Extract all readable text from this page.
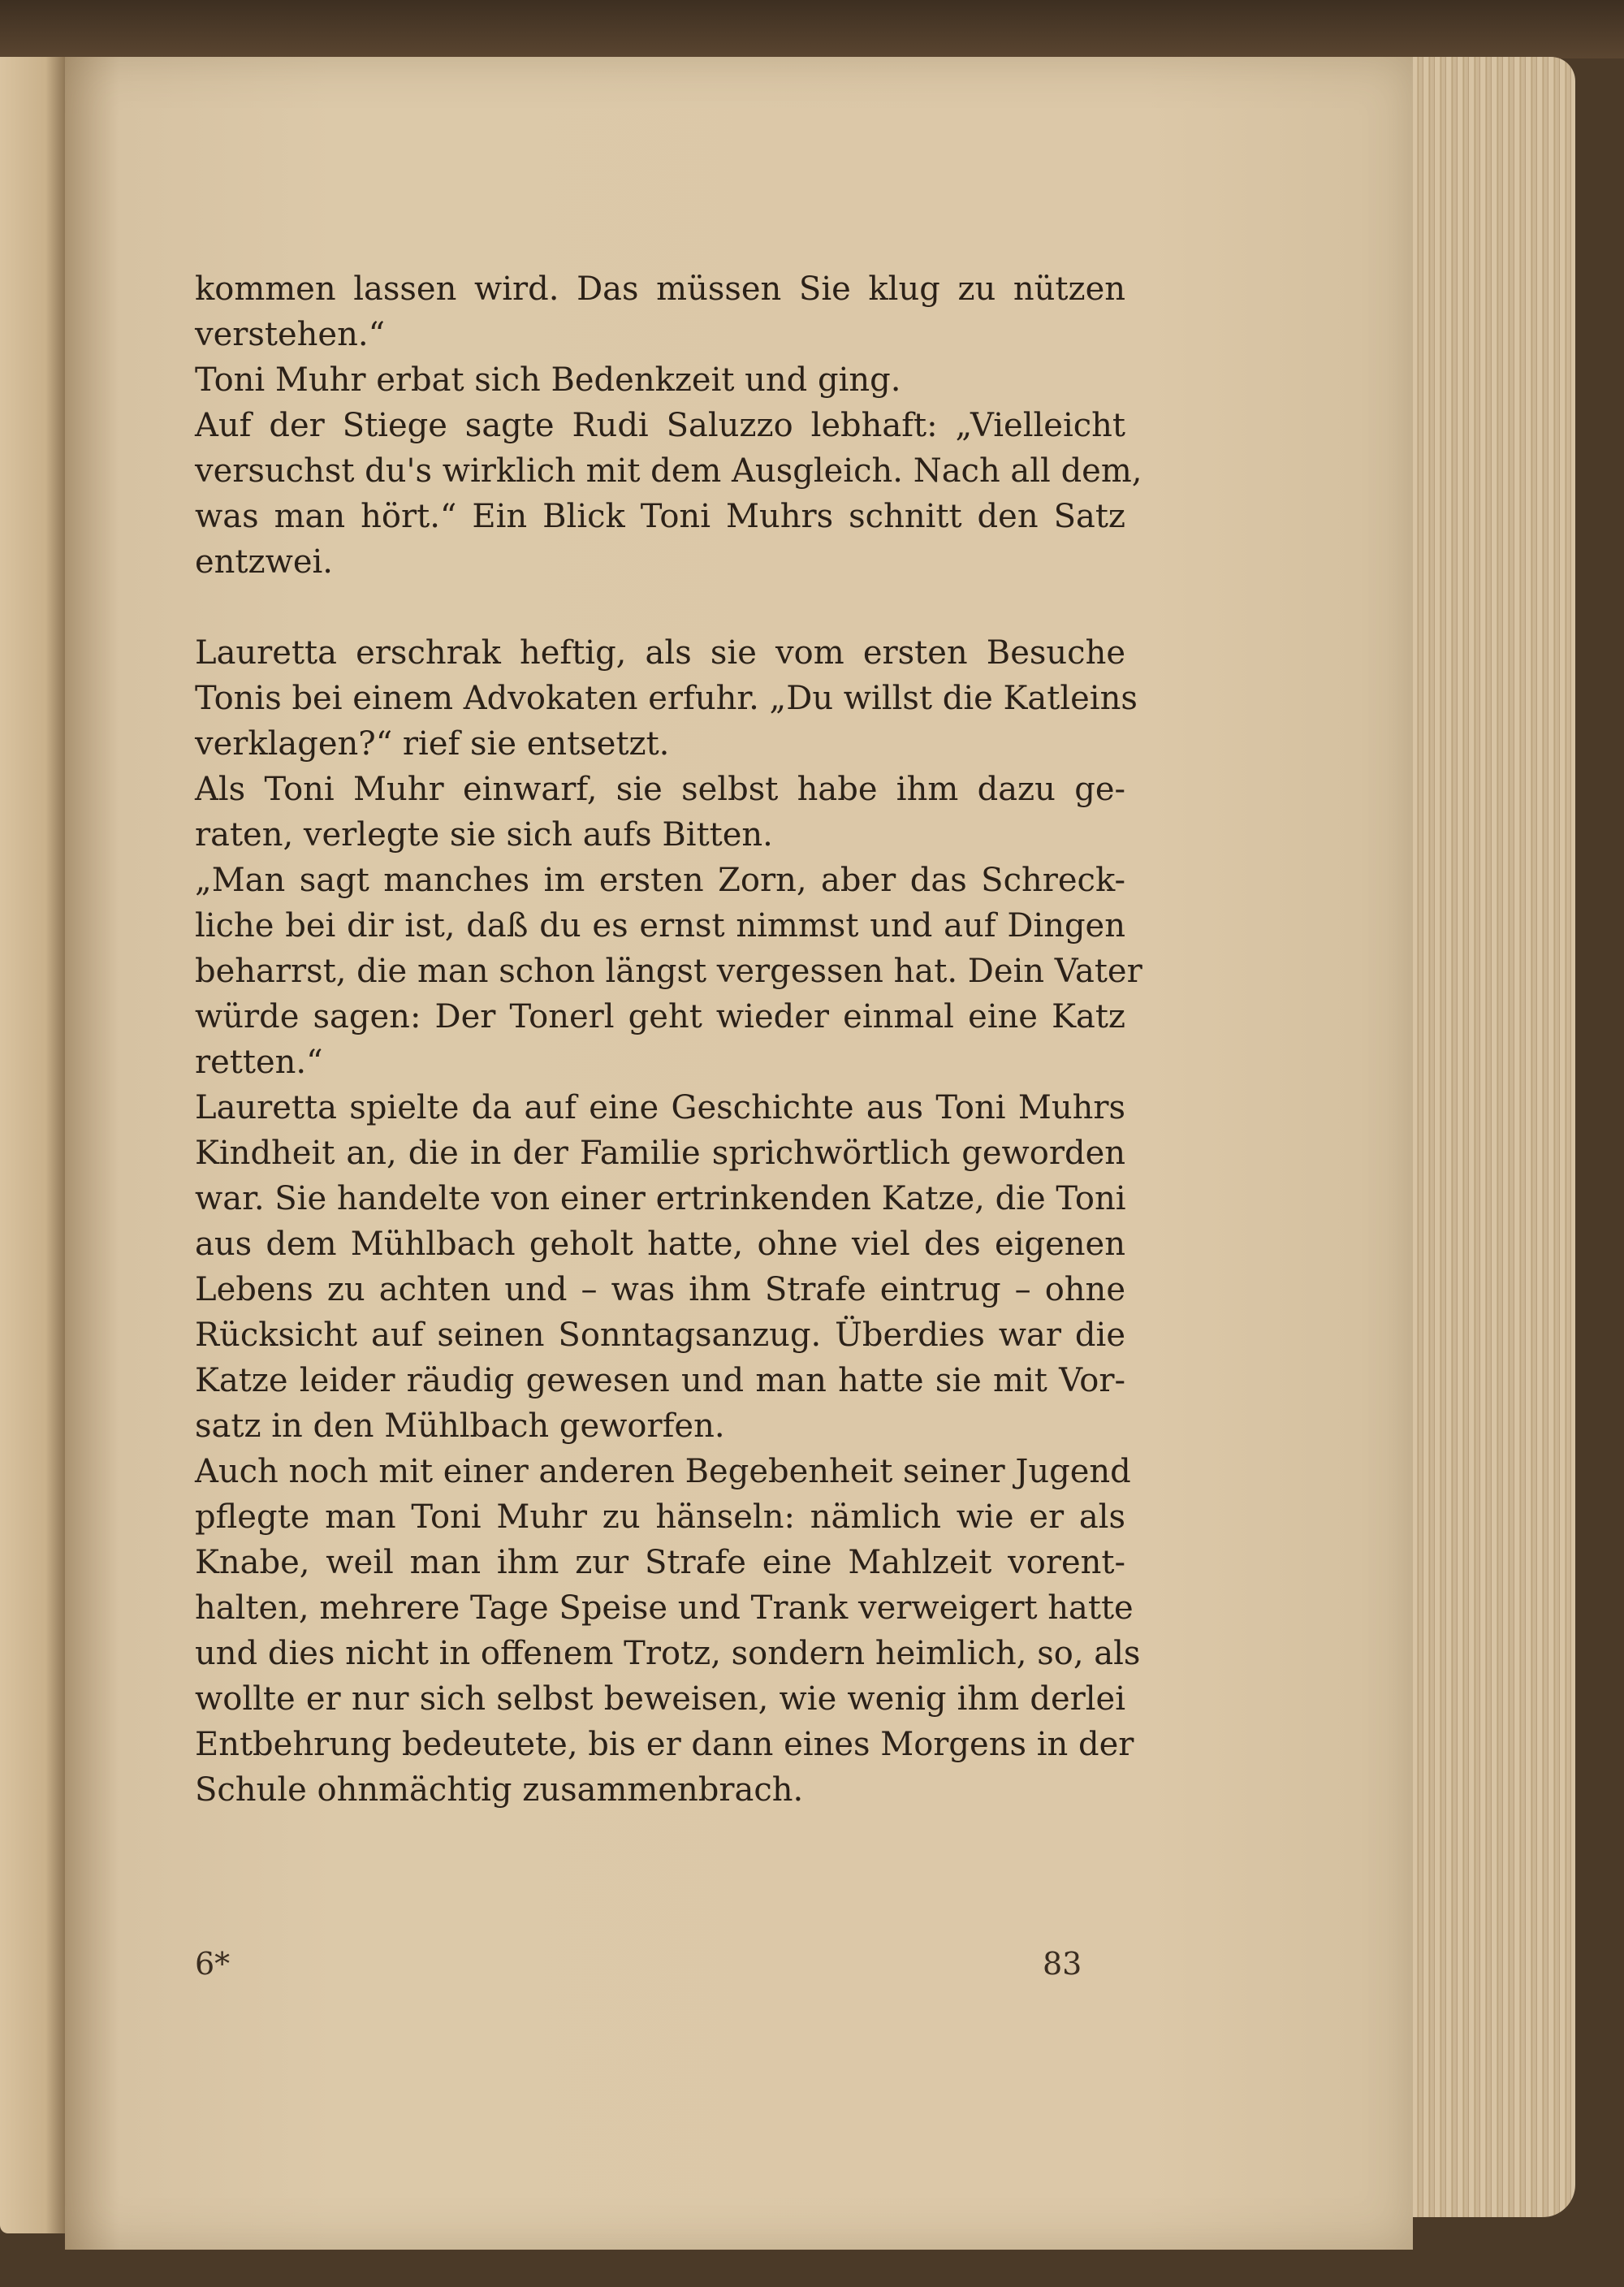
kommen lassen wird. Das müssen Sie klug zu nützen
verstehen.“
Toni Muhr erbat sich Bedenkzeit und ging.
Auf der Stiege sagte Rudi Saluzzo lebhaft: „Vielleicht
versuchst du's wirklich mit dem Ausgleich. Nach all dem,
was man hört.“ Ein Blick Toni Muhrs schnitt den Satz
entzwei.
Lauretta erschrak heftig, als sie vom ersten Besuche
Tonis bei einem Advokaten erfuhr. „Du willst die Katleins
verklagen?“ rief sie entsetzt.
Als Toni Muhr einwarf, sie selbst habe ihm dazu ge-
raten, verlegte sie sich aufs Bitten.
„Man sagt manches im ersten Zorn, aber das Schreck-
liche bei dir ist, daß du es ernst nimmst und auf Dingen
beharrst, die man schon längst vergessen hat. Dein Vater
würde sagen: Der Tonerl geht wieder einmal eine Katz
retten.“
Lauretta spielte da auf eine Geschichte aus Toni Muhrs
Kindheit an, die in der Familie sprichwörtlich geworden
war. Sie handelte von einer ertrinkenden Katze, die Toni
aus dem Mühlbach geholt hatte, ohne viel des eigenen
Lebens zu achten und – was ihm Strafe eintrug – ohne
Rücksicht auf seinen Sonntagsanzug. Überdies war die
Katze leider räudig gewesen und man hatte sie mit Vor-
satz in den Mühlbach geworfen.
Auch noch mit einer anderen Begebenheit seiner Jugend
pflegte man Toni Muhr zu hänseln: nämlich wie er als
Knabe, weil man ihm zur Strafe eine Mahlzeit vorent-
halten, mehrere Tage Speise und Trank verweigert hatte
und dies nicht in offenem Trotz, sondern heimlich, so, als
wollte er nur sich selbst beweisen, wie wenig ihm derlei
Entbehrung bedeutete, bis er dann eines Morgens in der
Schule ohnmächtig zusammenbrach.
6*	83
